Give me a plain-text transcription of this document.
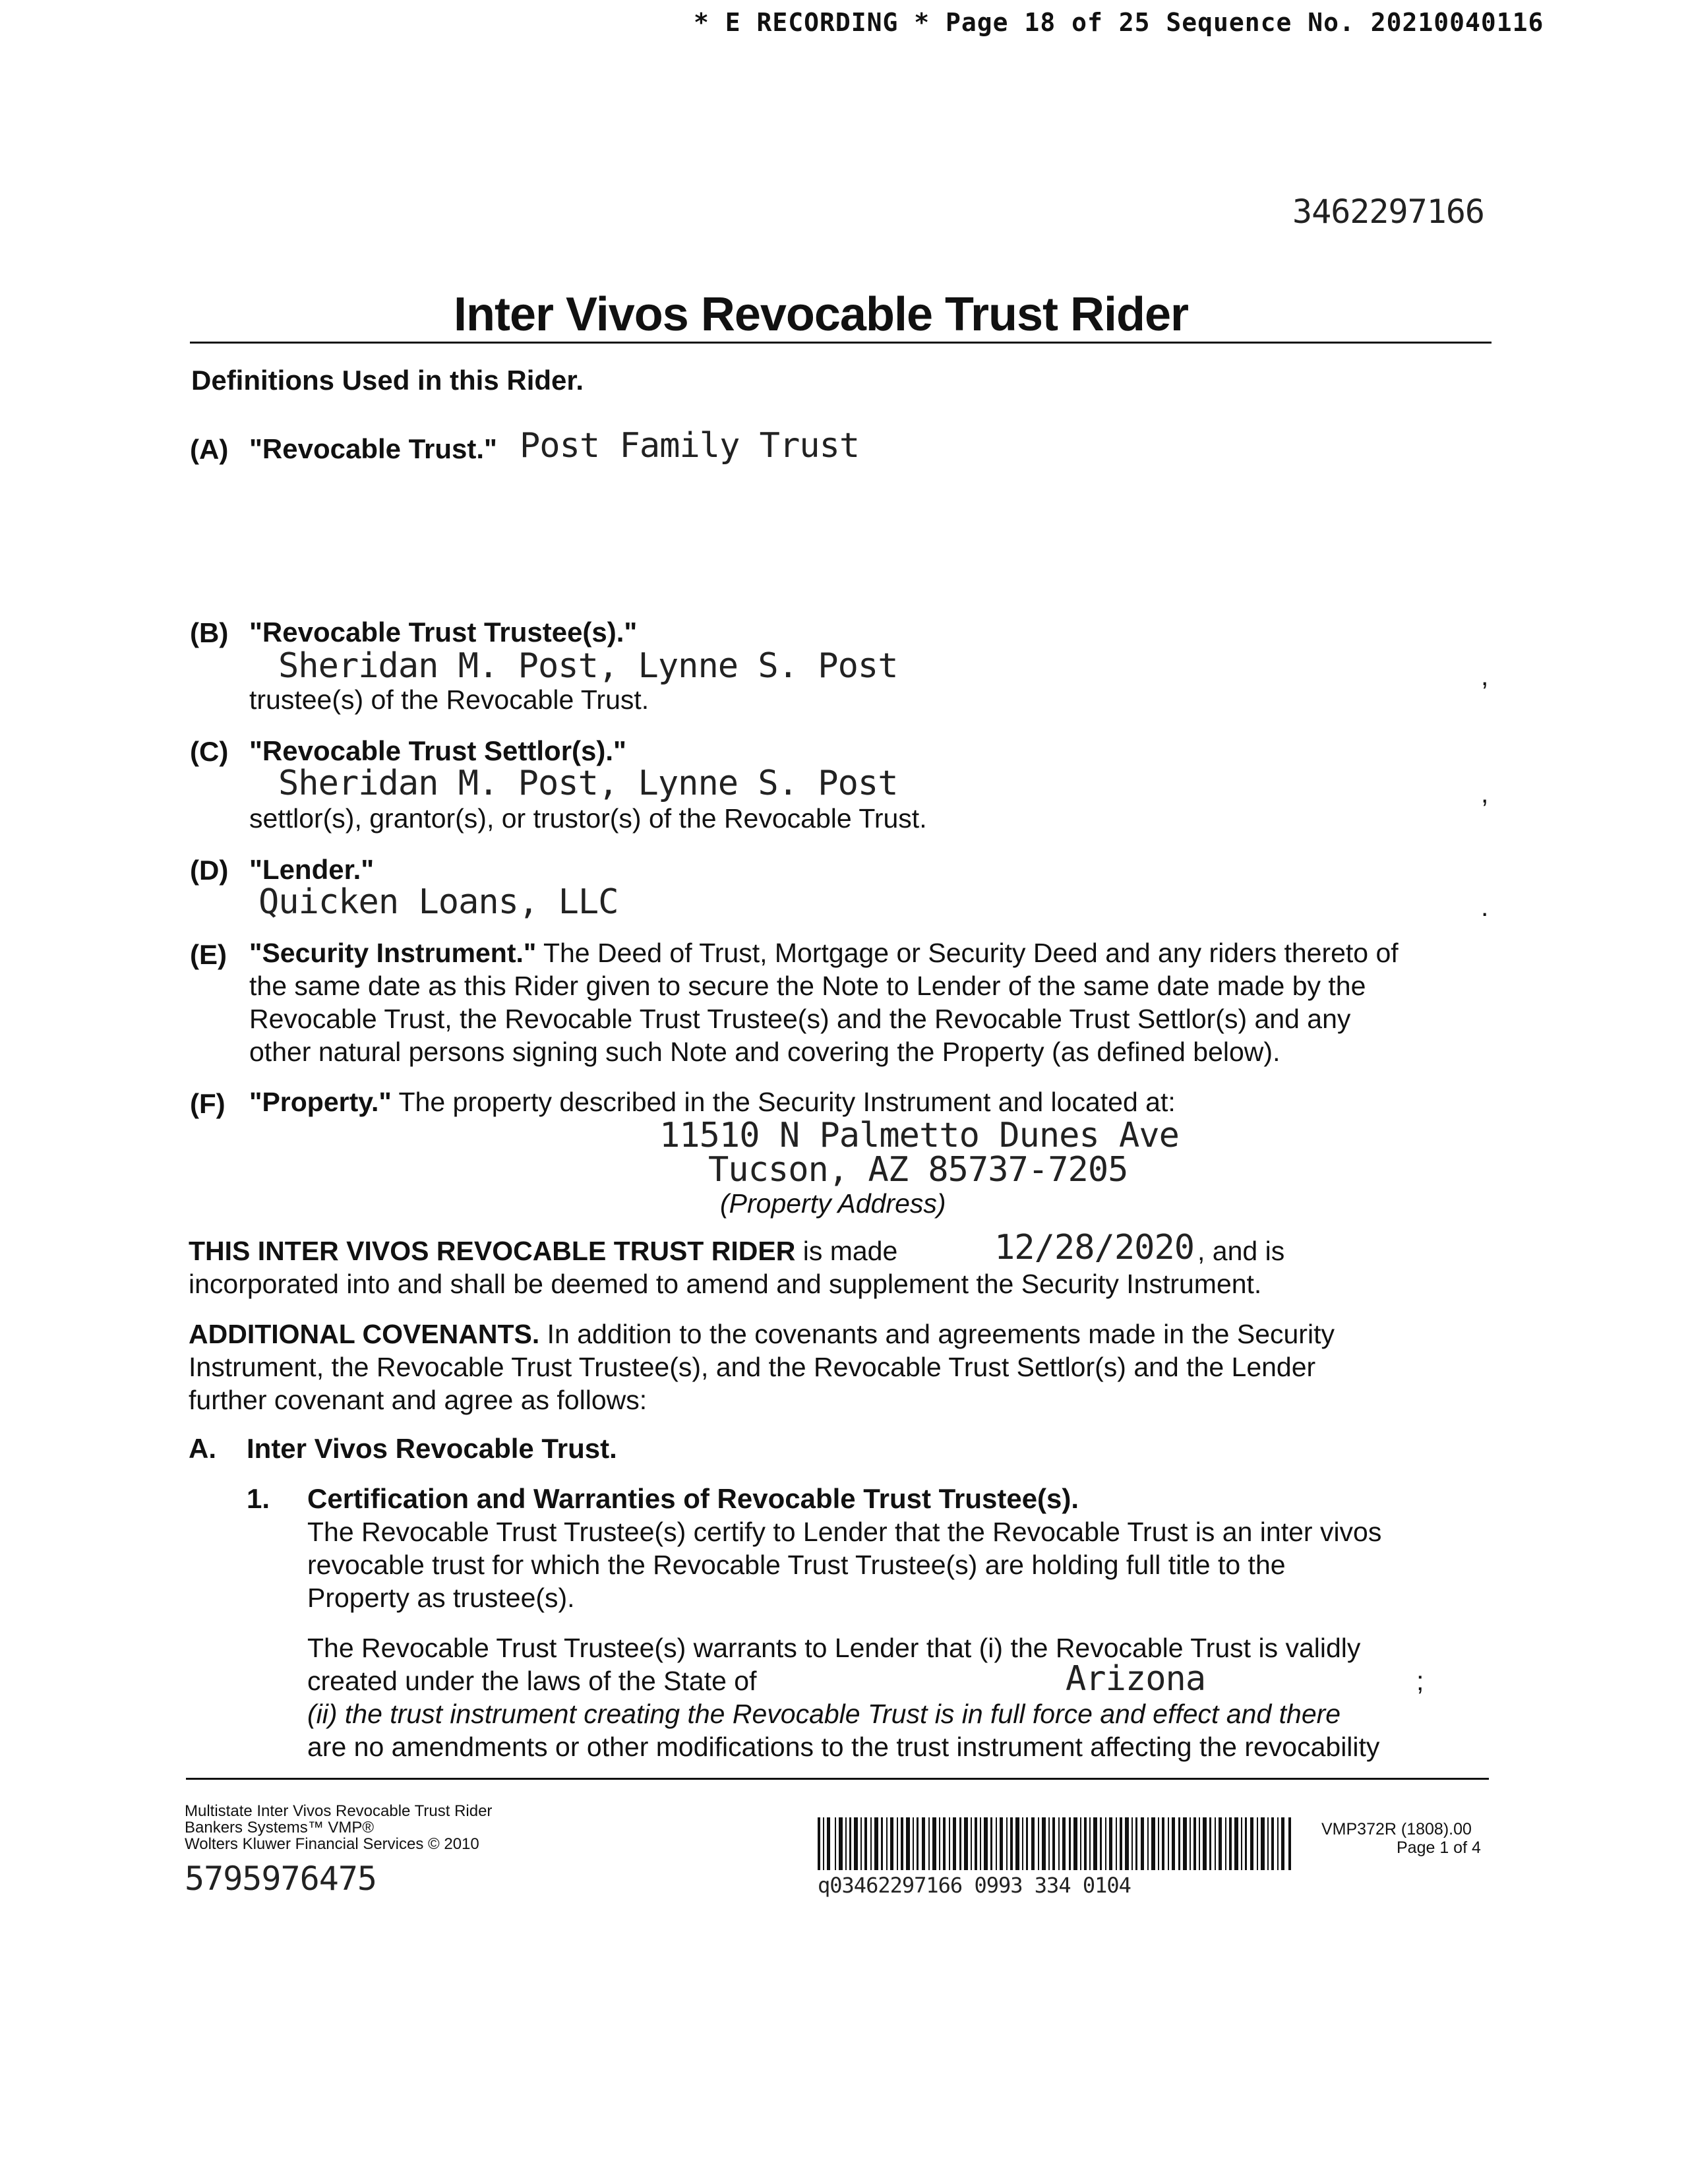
* E RECORDING * Page 18 of 25 Sequence No. 20210040116
3462297166
Inter Vivos Revocable Trust Rider
Definitions Used in this Rider.
(A) "Revocable Trust." Post Family Trust
(B) "Revocable Trust Trustee(s)."
Sheridan M. Post, Lynne S. Post	,
trustee(s) of the Revocable Trust.
(C) "Revocable Trust Settlor(s)."
Sheridan M. Post, Lynne S. Post	,
settlor(s), grantor(s), or trustor(s) of the Revocable Trust.
(D) "Lender."
Quicken Loans, LLC	.
(E) "Security Instrument." The Deed of Trust, Mortgage or Security Deed and any riders thereto of
the same date as this Rider given to secure the Note to Lender of the same date made by the
Revocable Trust, the Revocable Trust Trustee(s) and the Revocable Trust Settlor(s) and any
other natural persons signing such Note and covering the Property (as defined below).
(F) "Property." The property described in the Security Instrument and located at:
11510 N Palmetto Dunes Ave
Tucson, AZ 85737-7205
(Property Address)
THIS INTER VIVOS REVOCABLE TRUST RIDER is made	12/28/2020 , and is
incorporated into and shall be deemed to amend and supplement the Security Instrument.
ADDITIONAL COVENANTS. In addition to the covenants and agreements made in the Security
Instrument, the Revocable Trust Trustee(s), and the Revocable Trust Settlor(s) and the Lender
further covenant and agree as follows:
A. Inter Vivos Revocable Trust.
1. Certification and Warranties of Revocable Trust Trustee(s).
The Revocable Trust Trustee(s) certify to Lender that the Revocable Trust is an inter vivos
revocable trust for which the Revocable Trust Trustee(s) are holding full title to the
Property as trustee(s).
The Revocable Trust Trustee(s) warrants to Lender that (i) the Revocable Trust is validly
created under the laws of the State of	Arizona	;
(ii) the trust instrument creating the Revocable Trust is in full force and effect and there
are no amendments or other modifications to the trust instrument affecting the revocability
Multistate Inter Vivos Revocable Trust Rider
Bankers Systems™ VMP®
Wolters Kluwer Financial Services © 2010
5795976475	q03462297166 0993 334 0104
VMP372R (1808).00
Page 1 of 4
